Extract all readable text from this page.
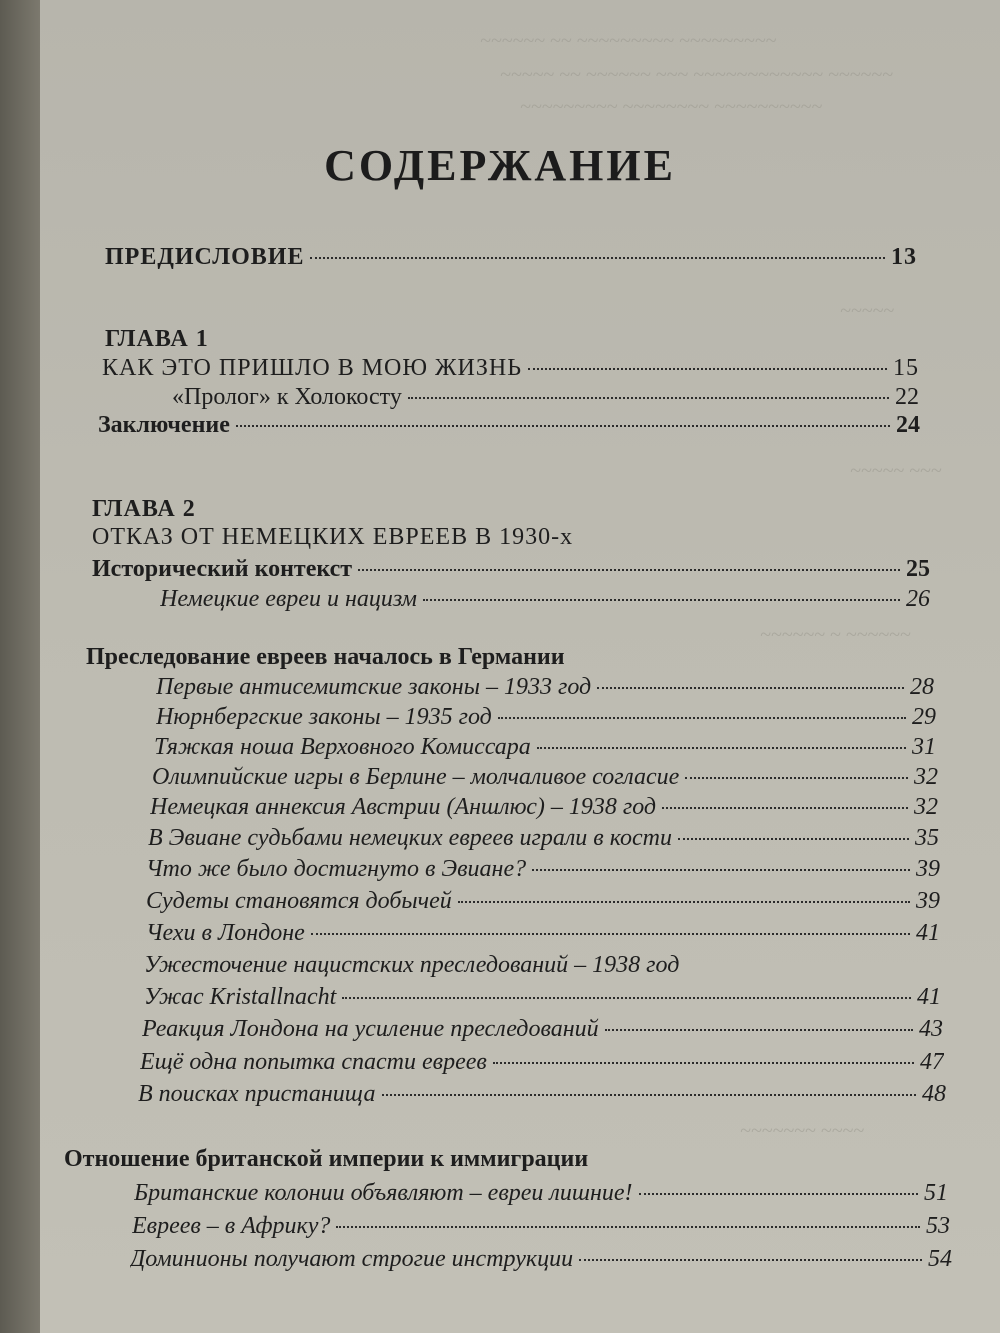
~~~~~~ ~~ ~~~~~~~~~ ~~~~~~~~~
~~~~~ ~~ ~~~~~~ ~~~ ~~~~~~~~~~~~ ~~~~~~
~~~~~~~~~ ~~~~~~~~ ~~~~~~~~~~
~~~~~
~~~~~ ~~~
~~~~~~ ~ ~~~~~~
~~~~~~~ ~~~~
СОДЕРЖАНИЕ
ПРЕДИСЛОВИЕ	13
ГЛАВА 1
КАК ЭТО ПРИШЛО В МОЮ ЖИЗНЬ	15
«Пролог» к Холокосту	22
Заключение	24
ГЛАВА 2
ОТКАЗ ОТ НЕМЕЦКИХ ЕВРЕЕВ В 1930-х
Исторический контекст	25
Немецкие евреи и нацизм	26
Преследование евреев началось в Германии
Первые антисемитские законы – 1933 год	28
Нюрнбергские законы – 1935 год	29
Тяжкая ноша Верховного Комиссара	31
Олимпийские игры в Берлине – молчаливое согласие	32
Немецкая аннексия Австрии (Аншлюс) – 1938 год	32
В Эвиане судьбами немецких евреев играли в кости	35
Что же было достигнуто в Эвиане?	39
Судеты становятся добычей	39
Чехи в Лондоне	41
Ужесточение нацистских преследований – 1938 год
Ужас Kristallnacht	41
Реакция Лондона на усиление преследований	43
Ещё одна попытка спасти евреев	47
В поисках пристанища	48
Отношение британской империи к иммиграции
Британские колонии объявляют – евреи лишние!	51
Евреев – в Африку?	53
Доминионы получают строгие инструкции	54
